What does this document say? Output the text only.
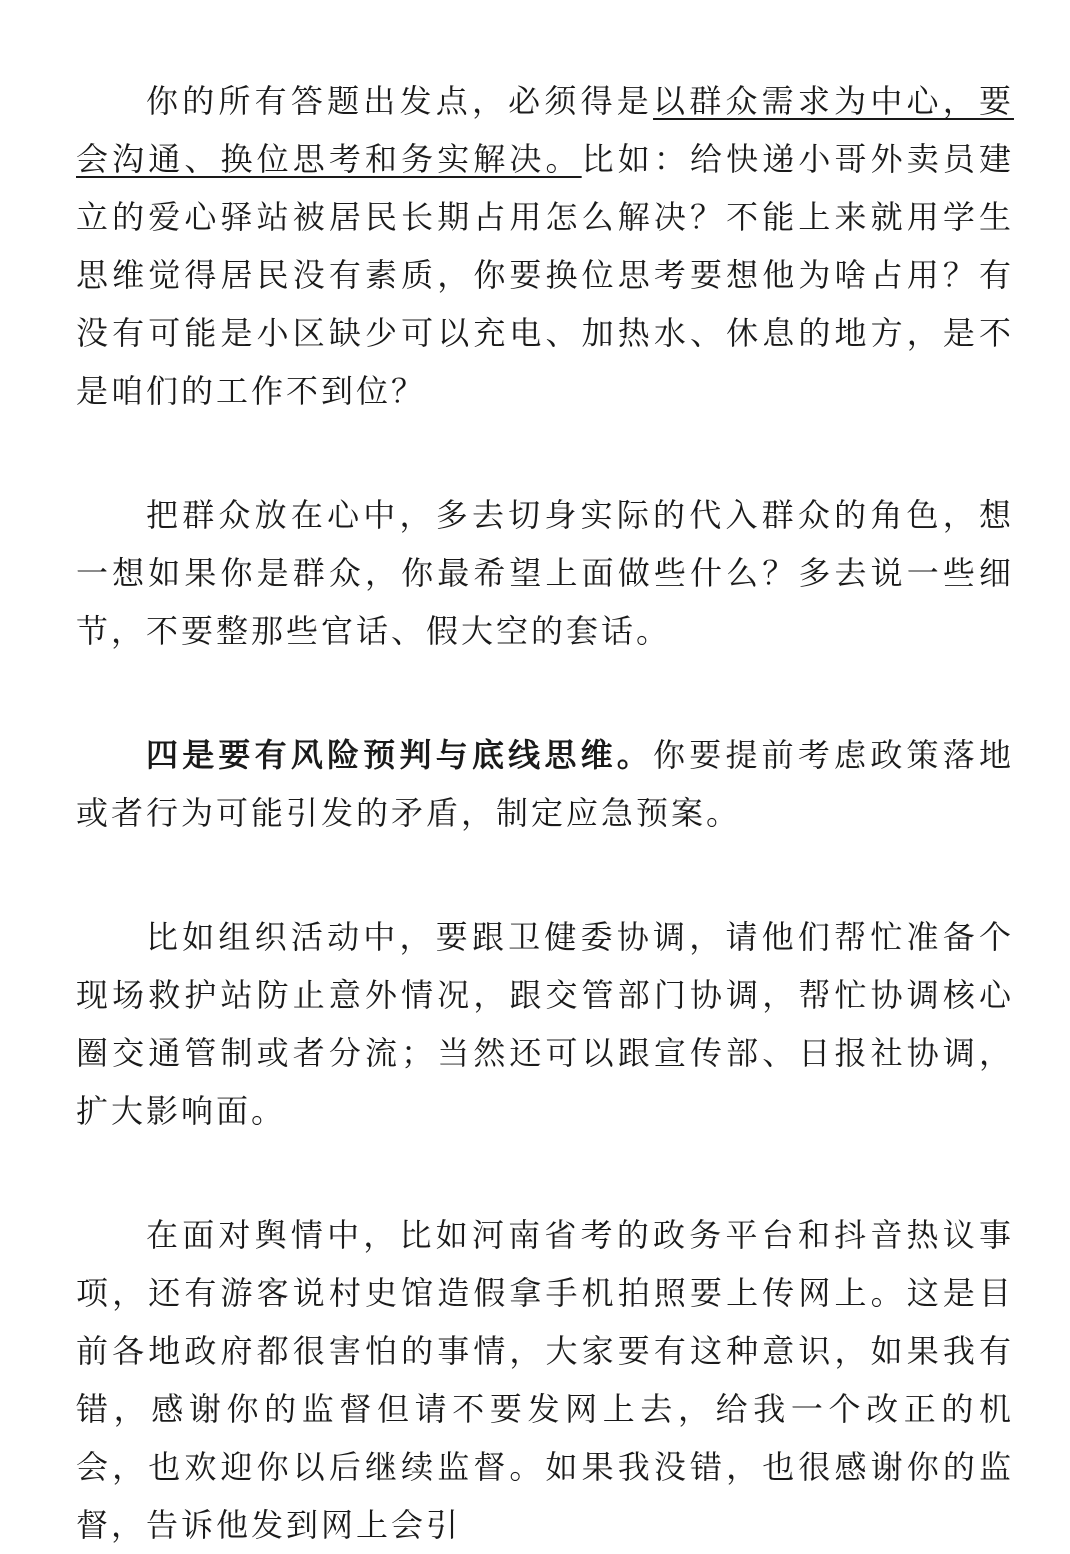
你的所有答题出发点，必须得是以群众需求为中心，要会沟通、换位思考和务实解决。比如：给快递小哥外卖员建立的爱心驿站被居民长期占用怎么解决？不能上来就用学生思维觉得居民没有素质，你要换位思考要想他为啥占用？有没有可能是小区缺少可以充电、加热水、休息的地方，是不是咱们的工作不到位？

把群众放在心中，多去切身实际的代入群众的角色，想一想如果你是群众，你最希望上面做些什么？多去说一些细节，不要整那些官话、假大空的套话。

四是要有风险预判与底线思维。你要提前考虑政策落地或者行为可能引发的矛盾，制定应急预案。

比如组织活动中，要跟卫健委协调，请他们帮忙准备个现场救护站防止意外情况，跟交管部门协调，帮忙协调核心圈交通管制或者分流；当然还可以跟宣传部、日报社协调，扩大影响面。

在面对舆情中，比如河南省考的政务平台和抖音热议事项，还有游客说村史馆造假拿手机拍照要上传网上。这是目前各地政府都很害怕的事情，大家要有这种意识，如果我有错，感谢你的监督但请不要发网上去，给我一个改正的机会，也欢迎你以后继续监督。如果我没错，也很感谢你的监督，告诉他发到网上会引
